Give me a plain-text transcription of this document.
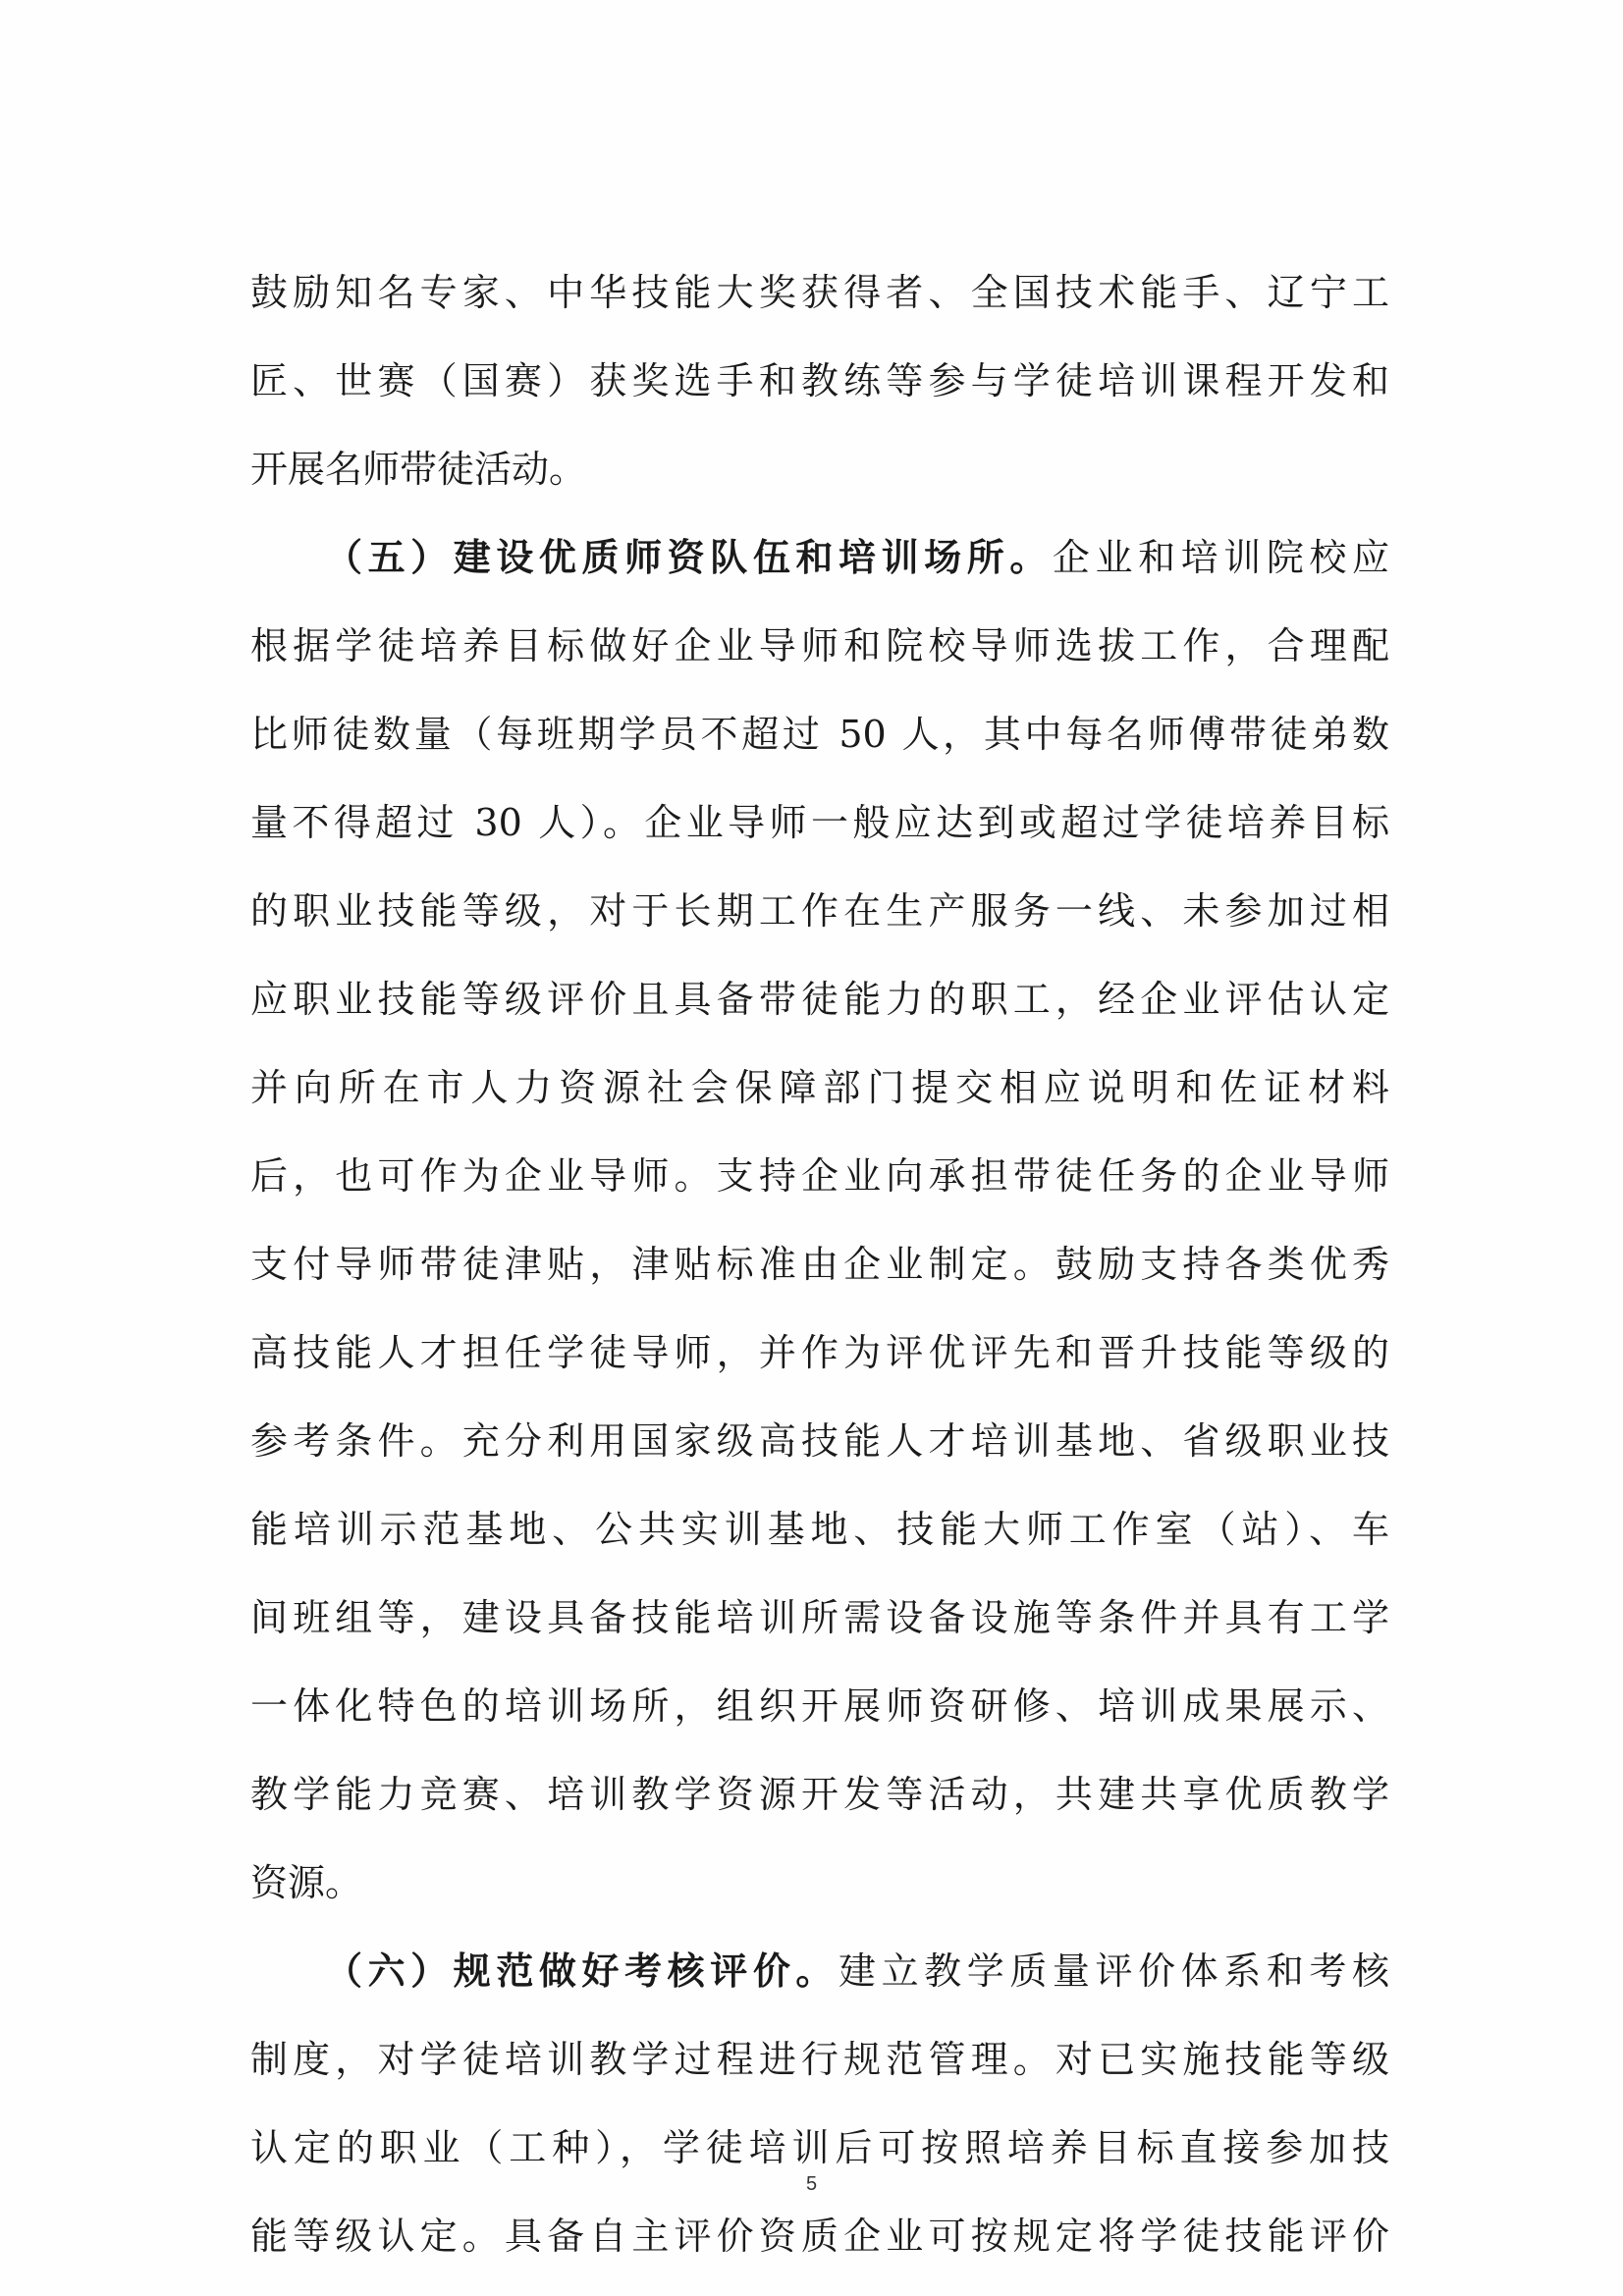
鼓励知名专家、中华技能大奖获得者、全国技术能手、辽宁工
匠、世赛（国赛）获奖选手和教练等参与学徒培训课程开发和
开展名师带徒活动。
（五）建设优质师资队伍和培训场所。企业和培训院校应
根据学徒培养目标做好企业导师和院校导师选拔工作，合理配
比师徒数量（每班期学员不超过 50 人，其中每名师傅带徒弟数
量不得超过 30 人）。企业导师一般应达到或超过学徒培养目标
的职业技能等级，对于长期工作在生产服务一线、未参加过相
应职业技能等级评价且具备带徒能力的职工，经企业评估认定
并向所在市人力资源社会保障部门提交相应说明和佐证材料
后，也可作为企业导师。支持企业向承担带徒任务的企业导师
支付导师带徒津贴，津贴标准由企业制定。鼓励支持各类优秀
高技能人才担任学徒导师，并作为评优评先和晋升技能等级的
参考条件。充分利用国家级高技能人才培训基地、省级职业技
能培训示范基地、公共实训基地、技能大师工作室（站）、车
间班组等，建设具备技能培训所需设备设施等条件并具有工学
一体化特色的培训场所，组织开展师资研修、培训成果展示、
教学能力竞赛、培训教学资源开发等活动，共建共享优质教学
资源。
（六）规范做好考核评价。建立教学质量评价体系和考核
制度，对学徒培训教学过程进行规范管理。对已实施技能等级
认定的职业（工种），学徒培训后可按照培养目标直接参加技
能等级认定。具备自主评价资质企业可按规定将学徒技能评价
5
